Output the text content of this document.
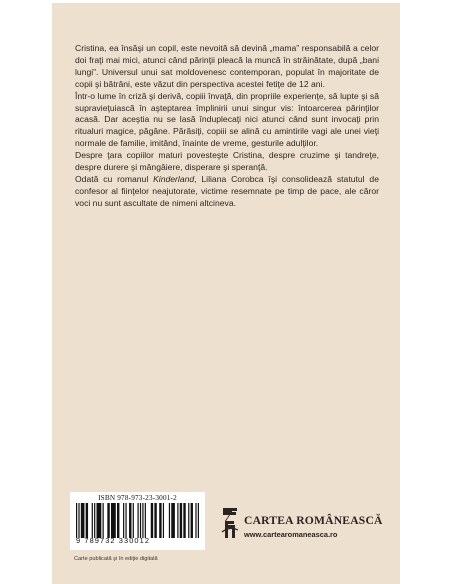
Cristina, ea însăşi un copil, este nevoită să devină „mama” responsabilă a celor doi fraţi mai mici, atunci când părinţii pleacă la muncă în străinătate, după „bani lungi”. Universul unui sat moldovenesc contemporan, populat în majoritate de copii şi bătrâni, este văzut din perspectiva acestei fetiţe de 12 ani.

Într-o lume în criză şi derivă, copiii învaţă, din propriile experienţe, să lupte şi să supravieţuiască în aşteptarea împlinirii unui singur vis: întoarcerea părinţilor acasă. Dar aceştia nu se lasă înduplecaţi nici atunci când sunt invocaţi prin ritualuri magice, păgâne. Părăsiţi, copiii se alină cu amintirile vagi ale unei vieţi normale de familie, imitând, înainte de vreme, gesturile adulţilor.

Despre ţara copiilor maturi povesteşte Cristina, despre cruzime şi tandreţe, despre durere şi mângâiere, disperare şi speranţă.

Odată cu romanul Kinderland, Liliana Corobca îşi consolidează statutul de confesor al fiinţelor neajutorate, victime resemnate pe timp de pace, ale căror voci nu sunt ascultate de nimeni altcineva.

ISBN 978-973-23-3001-2
9 789732 330012
Carte publicată şi în ediţie digitală
CARTEA ROMÂNEASCĂ
www.cartearomaneasca.ro
